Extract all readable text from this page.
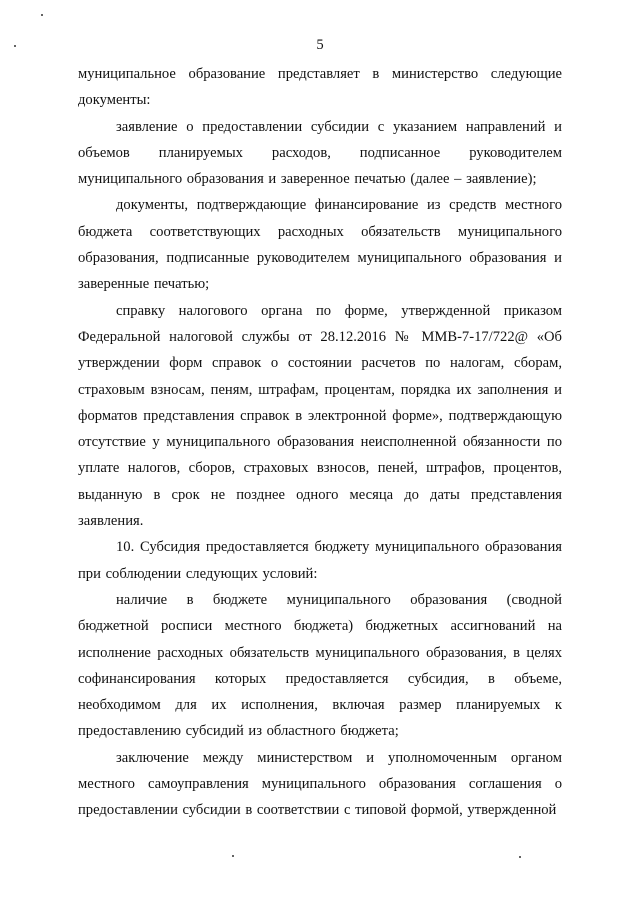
5

муниципальное образование представляет в министерство следующие документы:

заявление о предоставлении субсидии с указанием направлений и объемов планируемых расходов, подписанное руководителем муниципального образования и заверенное печатью (далее – заявление);

документы, подтверждающие финансирование из средств местного бюджета соответствующих расходных обязательств муниципального образования, подписанные руководителем муниципального образования и заверенные печатью;

справку налогового органа по форме, утвержденной приказом Федеральной налоговой службы от 28.12.2016 № ММВ-7-17/722@ «Об утверждении форм справок о состоянии расчетов по налогам, сборам, страховым взносам, пеням, штрафам, процентам, порядка их заполнения и форматов представления справок в электронной форме», подтверждающую отсутствие у муниципального образования неисполненной обязанности по уплате налогов, сборов, страховых взносов, пеней, штрафов, процентов, выданную в срок не позднее одного месяца до даты представления заявления.

10. Субсидия предоставляется бюджету муниципального образования при соблюдении следующих условий:

наличие в бюджете муниципального образования (сводной бюджетной росписи местного бюджета) бюджетных ассигнований на исполнение расходных обязательств муниципального образования, в целях софинансирования которых предоставляется субсидия, в объеме, необходимом для их исполнения, включая размер планируемых к предоставлению субсидий из областного бюджета;

заключение между министерством и уполномоченным органом местного самоуправления муниципального образования соглашения о предоставлении субсидии в соответствии с типовой формой, утвержденной
